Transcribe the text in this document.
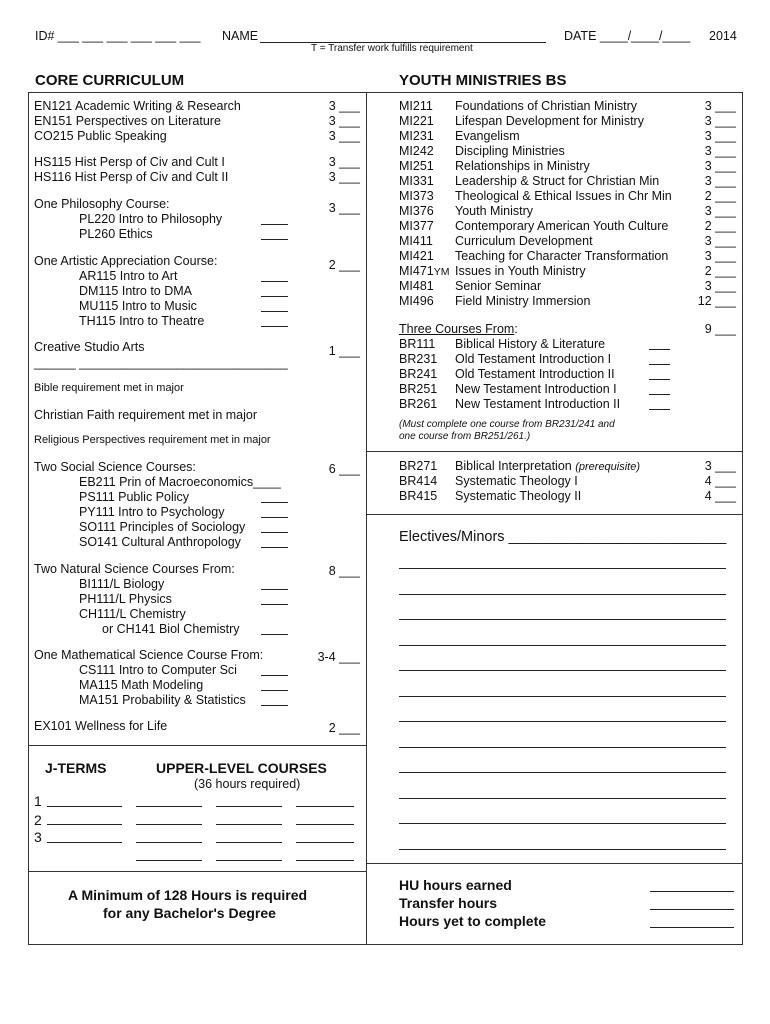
ID# ___ ___ ___ ___ ___ ___ NAME	DATE ____/____/____ 2014
T = Transfer work fulfills requirement
CORE CURRICULUM	YOUTH MINISTRIES BS
EN121 Academic Writing & Research	3 ___
EN151 Perspectives on Literature	3 ___
CO215 Public Speaking	3 ___
HS115 Hist Persp of Civ and Cult I	3 ___
HS116 Hist Persp of Civ and Cult II	3 ___
One Philosophy Course:	3 ___
PL220 Intro to Philosophy
PL260 Ethics
One Artistic Appreciation Course:	2 ___
AR115 Intro to Art
DM115 Intro to DMA
MU115 Intro to Music
TH115 Intro to Theatre
Creative Studio Arts	1 ___
______ ______________________________
Bible requirement met in major
Christian Faith requirement met in major
Religious Perspectives requirement met in major
Two Social Science Courses:	6 ___
EB211 Prin of Macroeconomics____
PS111 Public Policy
PY111 Intro to Psychology
SO111 Principles of Sociology
SO141 Cultural Anthropology
Two Natural Science Courses From:	8 ___
BI111/L Biology
PH111/L Physics
CH111/L Chemistry
or CH141 Biol Chemistry
One Mathematical Science Course From:	3-4 ___
CS111 Intro to Computer Sci
MA115 Math Modeling
MA151 Probability & Statistics
EX101 Wellness for Life	2 ___
J-TERMS	UPPER-LEVEL COURSES
(36 hours required)
1
2
3
A Minimum of 128 Hours is required
for any Bachelor's Degree
MI211 Foundations of Christian Ministry	3 ___
MI221 Lifespan Development for Ministry	3 ___
MI231 Evangelism	3 ___
MI242 Discipling Ministries	3 ___
MI251 Relationships in Ministry	3 ___
MI331 Leadership & Struct for Christian Min	3 ___
MI373 Theological & Ethical Issues in Chr Min	2 ___
MI376 Youth Ministry	3 ___
MI377 Contemporary American Youth Culture	2 ___
MI411 Curriculum Development	3 ___
MI421 Teaching for Character Transformation	3 ___
MI471YM Issues in Youth Ministry	2 ___
MI481 Senior Seminar	3 ___
MI496 Field Ministry Immersion	12 ___
Three Courses From:	9 ___
BR111 Biblical History & Literature
BR231 Old Testament Introduction I
BR241 Old Testament Introduction II
BR251 New Testament Introduction I
BR261 New Testament Introduction II
(Must complete one course from BR231/241 and
one course from BR251/261.)
BR271 Biblical Interpretation (prerequisite)	3 ___
BR414 Systematic Theology I	4 ___
BR415 Systematic Theology II	4 ___
Electives/Minors ___________________________
HU hours earned
Transfer hours
Hours yet to complete
